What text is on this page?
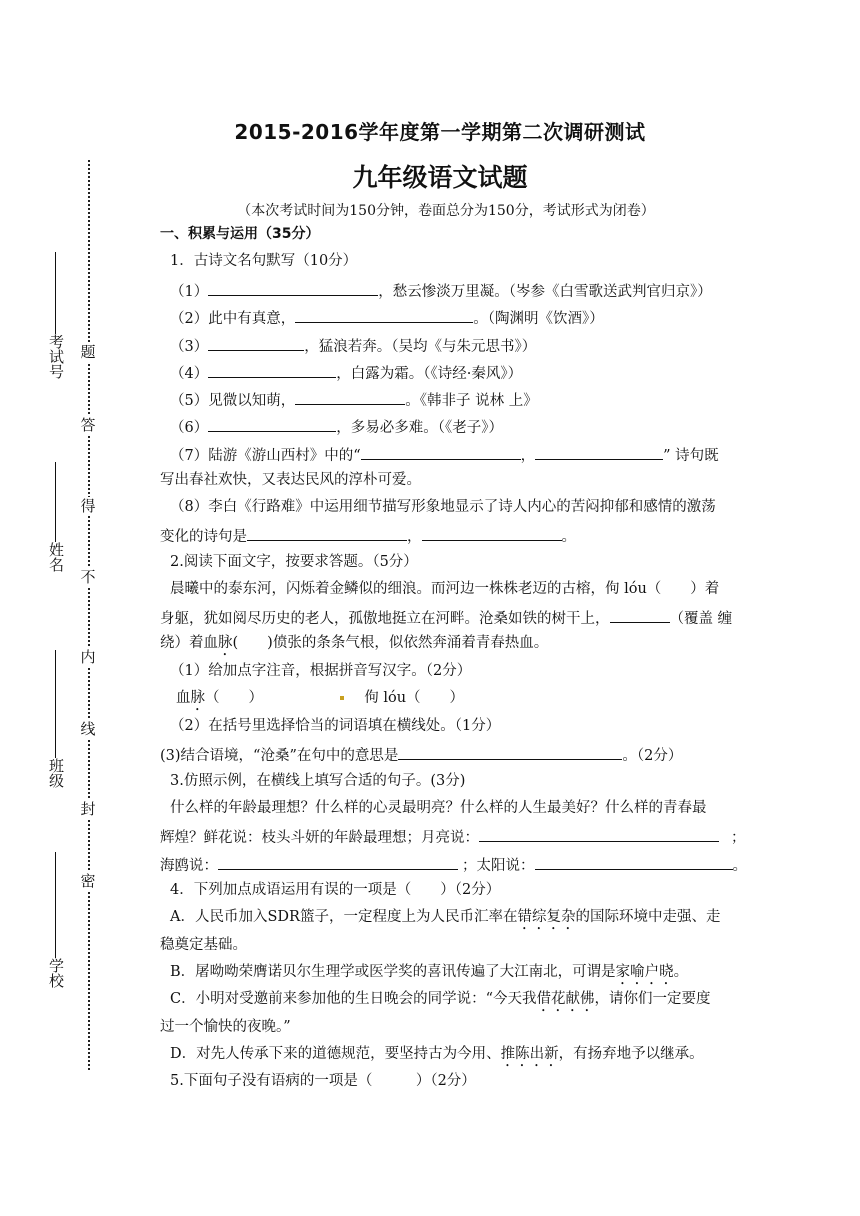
考试号
姓名
班级
学校
题
答
得
不
内
线
封
密
2015-2016学年度第一学期第二次调研测试
九年级语文试题
（本次考试时间为150分钟，卷面总分为150分，考试形式为闭卷）
一、积累与运用（35分）
1．古诗文名句默写（10分）
（1）	，愁云惨淡万里凝。（岑参《白雪歌送武判官归京》）
（2）此中有真意，	。（陶渊明《饮酒》）
（3）	，猛浪若奔。（吴均《与朱元思书》）
（4）	，白露为霜。（《诗经·秦风》）
（5）见微以知萌，	。《韩非子 说林 上》
（6）	，多易必多难。（《老子》）
（7）陆游《游山西村》中的“	，	” 诗句既
写出春社欢快，又表达民风的淳朴可爱。
（8）李白《行路难》中运用细节描写形象地显示了诗人内心的苦闷抑郁和感情的激荡
变化的诗句是	，	。
2.阅读下面文字，按要求答题。（5分）
晨曦中的泰东河，闪烁着金鳞似的细浪。而河边一株株老迈的古榕，佝 lóu（　　）着
身躯，犹如阅尽历史的老人，孤傲地挺立在河畔。沧桑如铁的树干上，	（覆盖 缠
绕）着血脉(　　)偾张的条条气根，似依然奔涌着青春热血。
（1）给加点字注音，根据拼音写汉字。（2分）
血脉（　　）	佝 lóu（　　）
（2）在括号里选择恰当的词语填在横线处。（1分）
(3)结合语境，“沧桑”在句中的意思是	。（2分）
3.仿照示例，在横线上填写合适的句子。(3分)
什么样的年龄最理想？什么样的心灵最明亮？什么样的人生最美好？什么样的青春最
辉煌？鲜花说：枝头斗妍的年龄最理想；月亮说：	；
海鸥说：	；太阳说：	。
4．下列加点成语运用有误的一项是（　　）（2分）
A．人民币加入SDR篮子，一定程度上为人民币汇率在错综复杂的国际环境中走强、走
稳奠定基础。
B．屠呦呦荣膺诺贝尔生理学或医学奖的喜讯传遍了大江南北，可谓是家喻户晓。
C．小明对受邀前来参加他的生日晚会的同学说：“今天我借花献佛，请你们一定要度
过一个愉快的夜晚。”
D．对先人传承下来的道德规范，要坚持古为今用、推陈出新，有扬弃地予以继承。
5.下面句子没有语病的一项是（　　　）（2分）
